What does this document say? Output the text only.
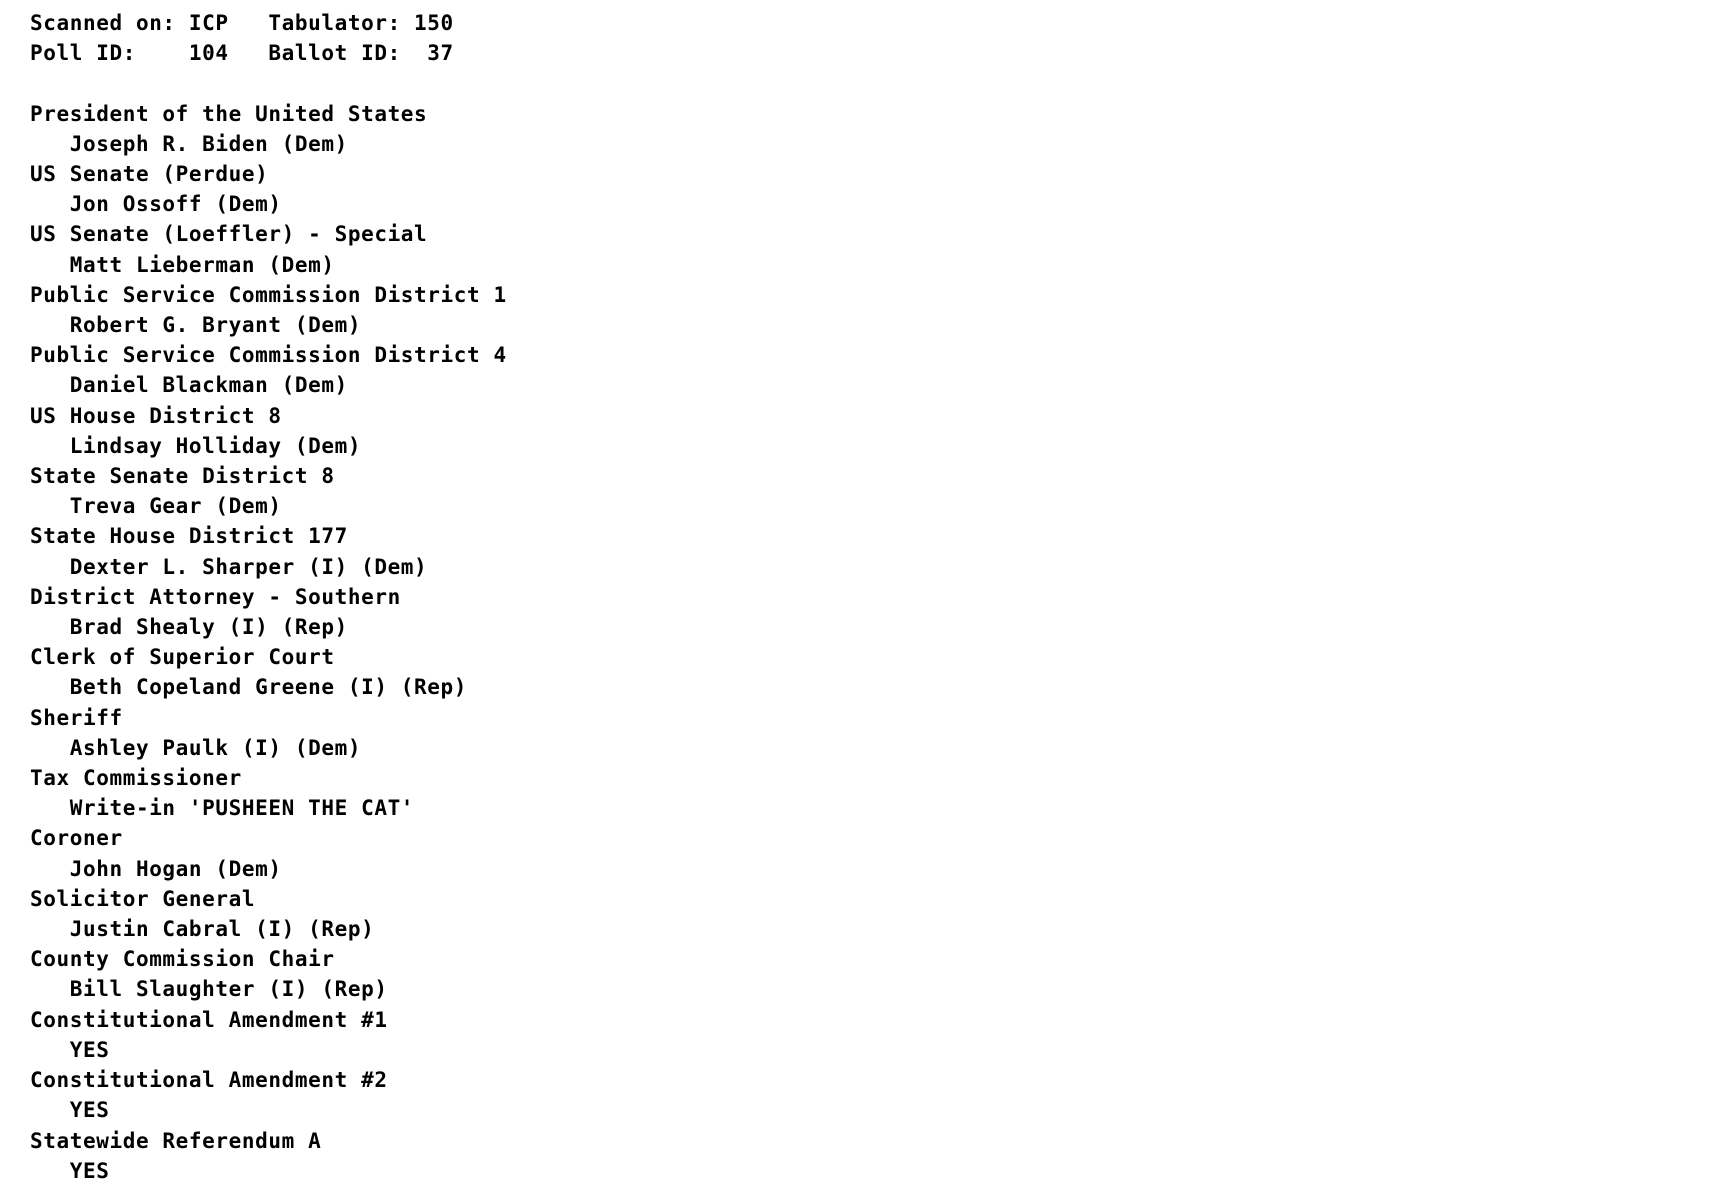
Scanned on: ICP   Tabulator: 150
Poll ID:    104   Ballot ID:  37
President of the United States
Joseph R. Biden (Dem)
US Senate (Perdue)
Jon Ossoff (Dem)
US Senate (Loeffler) - Special
Matt Lieberman (Dem)
Public Service Commission District 1
Robert G. Bryant (Dem)
Public Service Commission District 4
Daniel Blackman (Dem)
US House District 8
Lindsay Holliday (Dem)
State Senate District 8
Treva Gear (Dem)
State House District 177
Dexter L. Sharper (I) (Dem)
District Attorney - Southern
Brad Shealy (I) (Rep)
Clerk of Superior Court
Beth Copeland Greene (I) (Rep)
Sheriff
Ashley Paulk (I) (Dem)
Tax Commissioner
Write-in 'PUSHEEN THE CAT'
Coroner
John Hogan (Dem)
Solicitor General
Justin Cabral (I) (Rep)
County Commission Chair
Bill Slaughter (I) (Rep)
Constitutional Amendment #1
YES
Constitutional Amendment #2
YES
Statewide Referendum A
YES
